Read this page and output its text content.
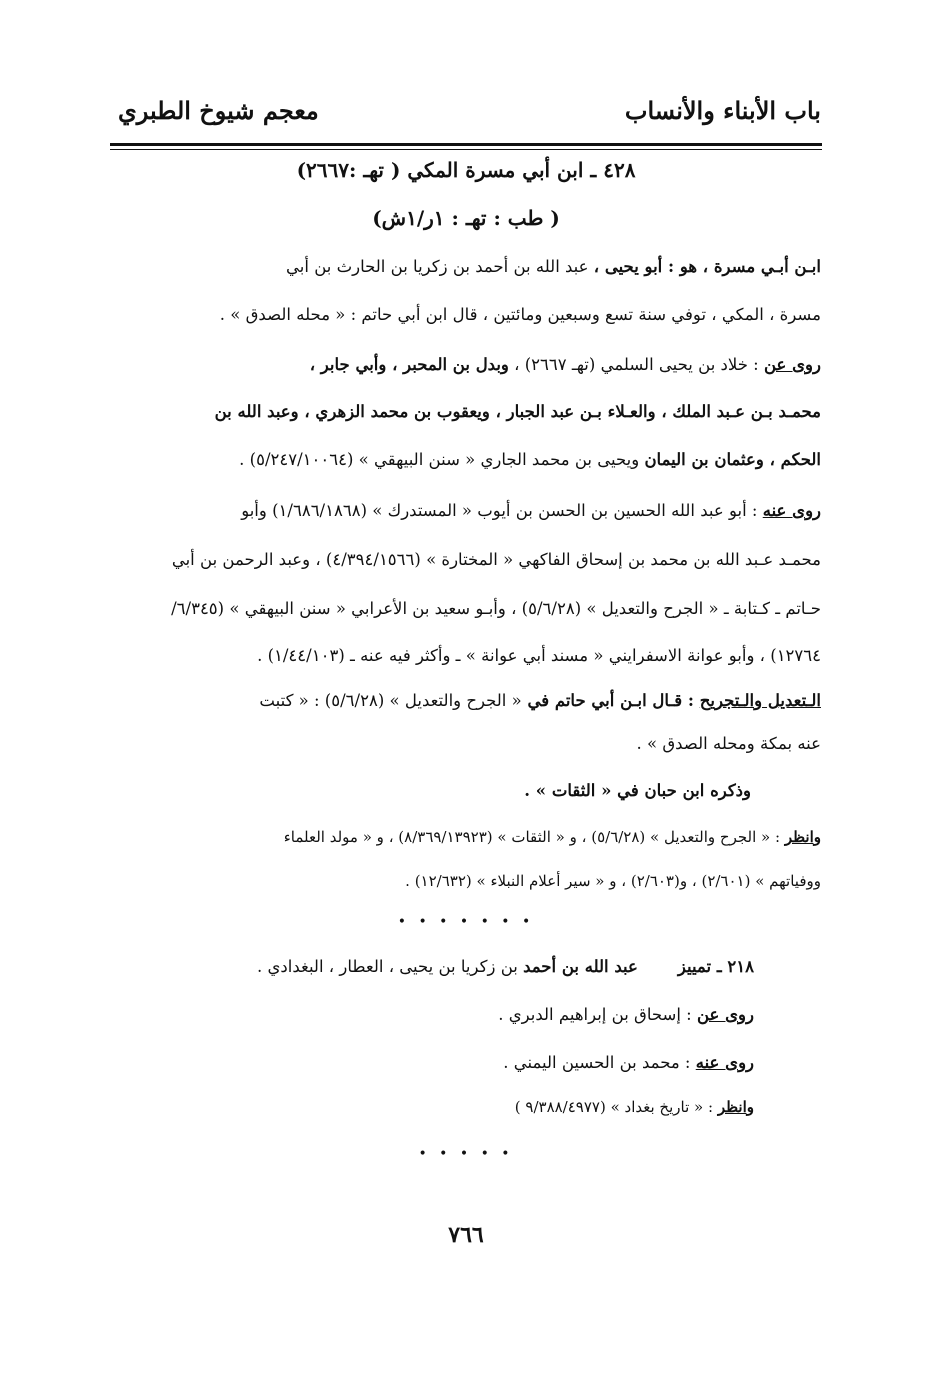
باب الأبناء والأنساب
معجم شيوخ الطبري
٤٢٨ ـ ابن أبي مسرة المكي ( تهـ :٢٦٦٧)
( طب : تهـ : ١ر/١ش)
ابـن أبـي مسرة ، هو : أبو يحيى ، عبد الله بن أحمد بن زكريا بن الحارث بن أبي
مسرة ، المكي ، توفي سنة تسع وسبعين ومائتين ، قال ابن أبي حاتم : « محله الصدق » .
روى عن : خلاد بن يحيى السلمي (تهـ ٢٦٦٧) ، وبدل بن المحبر ، وأبي جابر ،
محمـد بـن عـبد الملك ، والعـلاء بـن عبد الجبار ، ويعقوب بن محمد الزهري ، وعبد الله بن
الحكم ، وعثمان بن اليمان ويحيى بن محمد الجاري « سنن البيهقي » (٥/٢٤٧/١٠٠٦٤) .
روى عنه : أبو عبد الله الحسين بن الحسن بن أيوب « المستدرك » (١/٦٨٦/١٨٦٨) وأبو
محمـد عـبد الله بن محمد بن إسحاق الفاكهي « المختارة » (٤/٣٩٤/١٥٦٦) ، وعبد الرحمن بن أبي
حـاتم ـ كـتابة ـ « الجرح والتعديل » (٥/٦/٢٨) ، وأبـو سعيد بن الأعرابي « سنن البيهقي » (٦/٣٤٥/
١٢٧٦٤) ، وأبو عوانة الاسفرايني « مسند أبي عوانة » ـ وأكثر فيه عنه ـ (١/٤٤/١٠٣) .
الـتعديل والـتجريح : قـال ابـن أبي حاتم في « الجرح والتعديل » (٥/٦/٢٨) : « كتبت
عنه بمكة ومحله الصدق » .
وذكره ابن حبان في « الثقات » .
وانظر : « الجرح والتعديل » (٥/٦/٢٨) ، و « الثقات » (٨/٣٦٩/١٣٩٢٣) ، و « مولد العلماء
ووفياتهم » (٢/٦٠١) ، و(٢/٦٠٣) ، و « سير أعلام النبلاء » (١٢/٦٣٢) .
• • • • • • •
٢١٨ ـ تمييزعبد الله بن أحمد بن زكريا بن يحيى ، العطار ، البغدادي .
روى عن : إسحاق بن إبراهيم الدبري .
روى عنه : محمد بن الحسين اليمني .
وانظر : « تاريخ بغداد » (٩/٣٨٨/٤٩٧٧ )
• • • • •
٧٦٦
